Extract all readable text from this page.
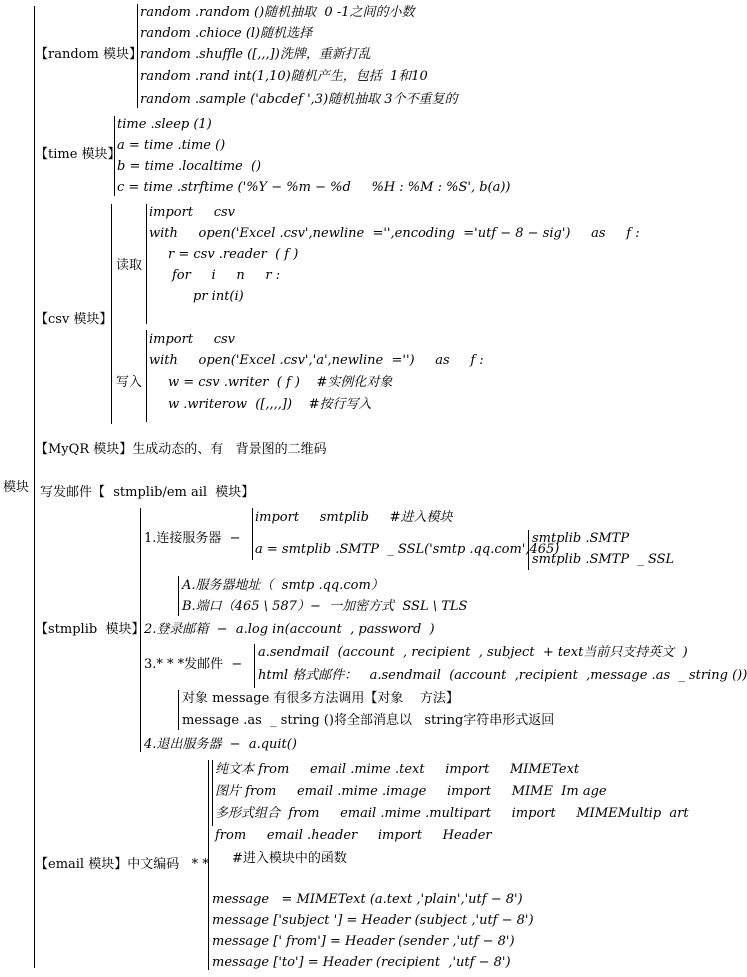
模块
【random 模块】
random .random ()随机抽取  0 -1之间的小数
random .chioce (l)随机选择
random .shuffle ([,,,])洗牌，重新打乱
random .rand int(1,10)随机产生，包括  1和10
random .sample ('abcdef ',3)随机抽取 3个不重复的
【time 模块】
time .sleep (1)
a = time .time ()
b = time .localtime  ()
c = time .strftime ('%Y − %m − %d     %H : %M : %S', b(a))
【csv 模块】
读取
import     csv
with     open('Excel .csv',newline  ='',encoding  ='utf − 8 − sig')     as     f :
r = csv .reader  ( f )
for     i     n     r :
pr int(i)
写入
import     csv
with     open('Excel .csv','a',newline  ='')     as     f :
w = csv .writer  ( f )    #实例化对象
w .writerow  ([,,,,])    #按行写入
【MyQR 模块】生成动态的、有   背景图的二维码
写发邮件【  stmplib/em ail  模块】
【stmplib  模块】
1.连接服务器  −
import     smtplib     #进入模块
a = smtplib .SMTP  _ SSL('smtp .qq.com',465)
smtplib .SMTP
smtplib .SMTP  _ SSL
A.服务器地址（  smtp .qq.com）
B.端口（465 \ 587）−  一加密方式  SSL \ TLS
2.登录邮箱  −  a.log in(account  , password  )
3.* * *发邮件  −
a.sendmail  (account  , recipient  , subject  + text当前只支持英文  )
html 格式邮件：   a.sendmail  (account  ,recipient  ,message .as  _ string ())
对象 message 有很多方法调用【对象    方法】
message .as  _ string ()将全部消息以   string字符串形式返回
4.退出服务器  −  a.quit()
【email 模块】中文编码   * *
纯文本 from     email .mime .text     import     MIMEText
图片 from     email .mime .image     import     MIME  Im age
多形式组合  from     email .mime .multipart     import     MIMEMultip  art
from     email .header     import     Header
#进入模块中的函数
message   = MIMEText (a.text ,'plain','utf − 8')
message ['subject '] = Header (subject ,'utf − 8')
message [' from'] = Header (sender ,'utf − 8')
message ['to'] = Header (recipient  ,'utf − 8')
